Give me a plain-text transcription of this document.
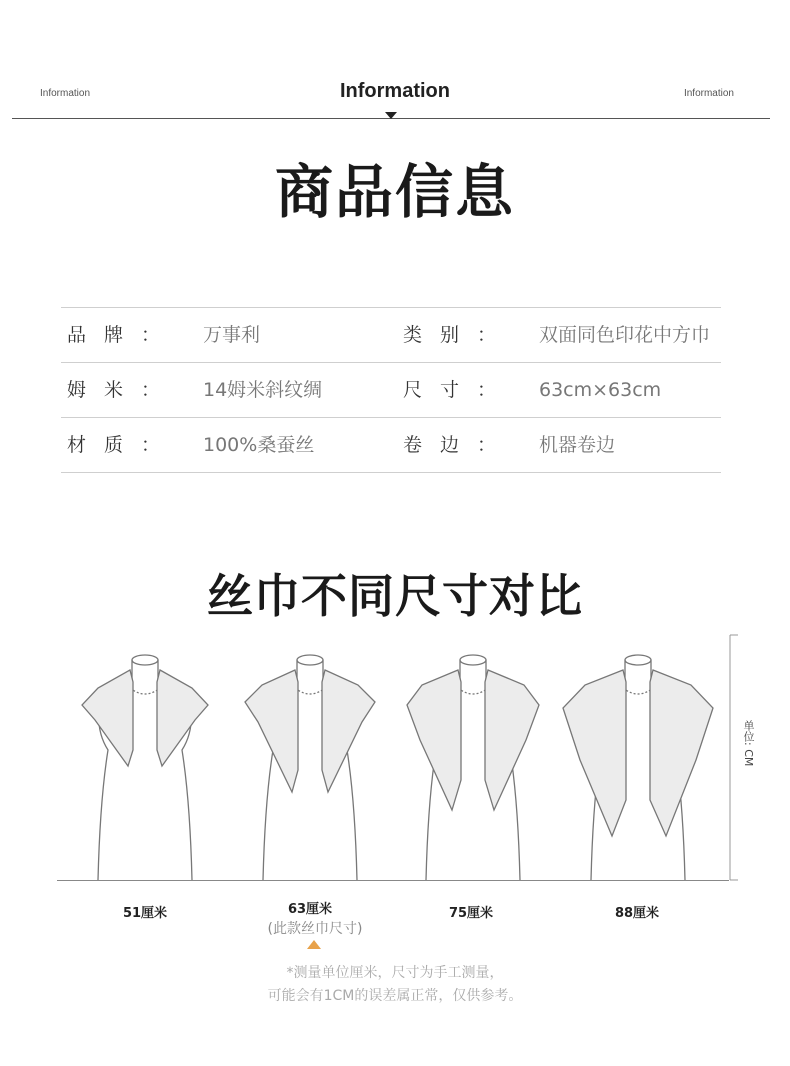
Information	Information	Information
商品信息
品牌： 万事利	类别： 双面同色印花中方巾
姆米： 14姆米斜纹绸	尺寸： 63cm×63cm
材质： 100%桑蚕丝	卷边： 机器卷边
丝巾不同尺寸对比
单位: CM
51厘米	63厘米
(此款丝巾尺寸)
75厘米	88厘米
*测量单位厘米，尺寸为手工测量，
可能会有1CM的误差属正常，仅供参考。
